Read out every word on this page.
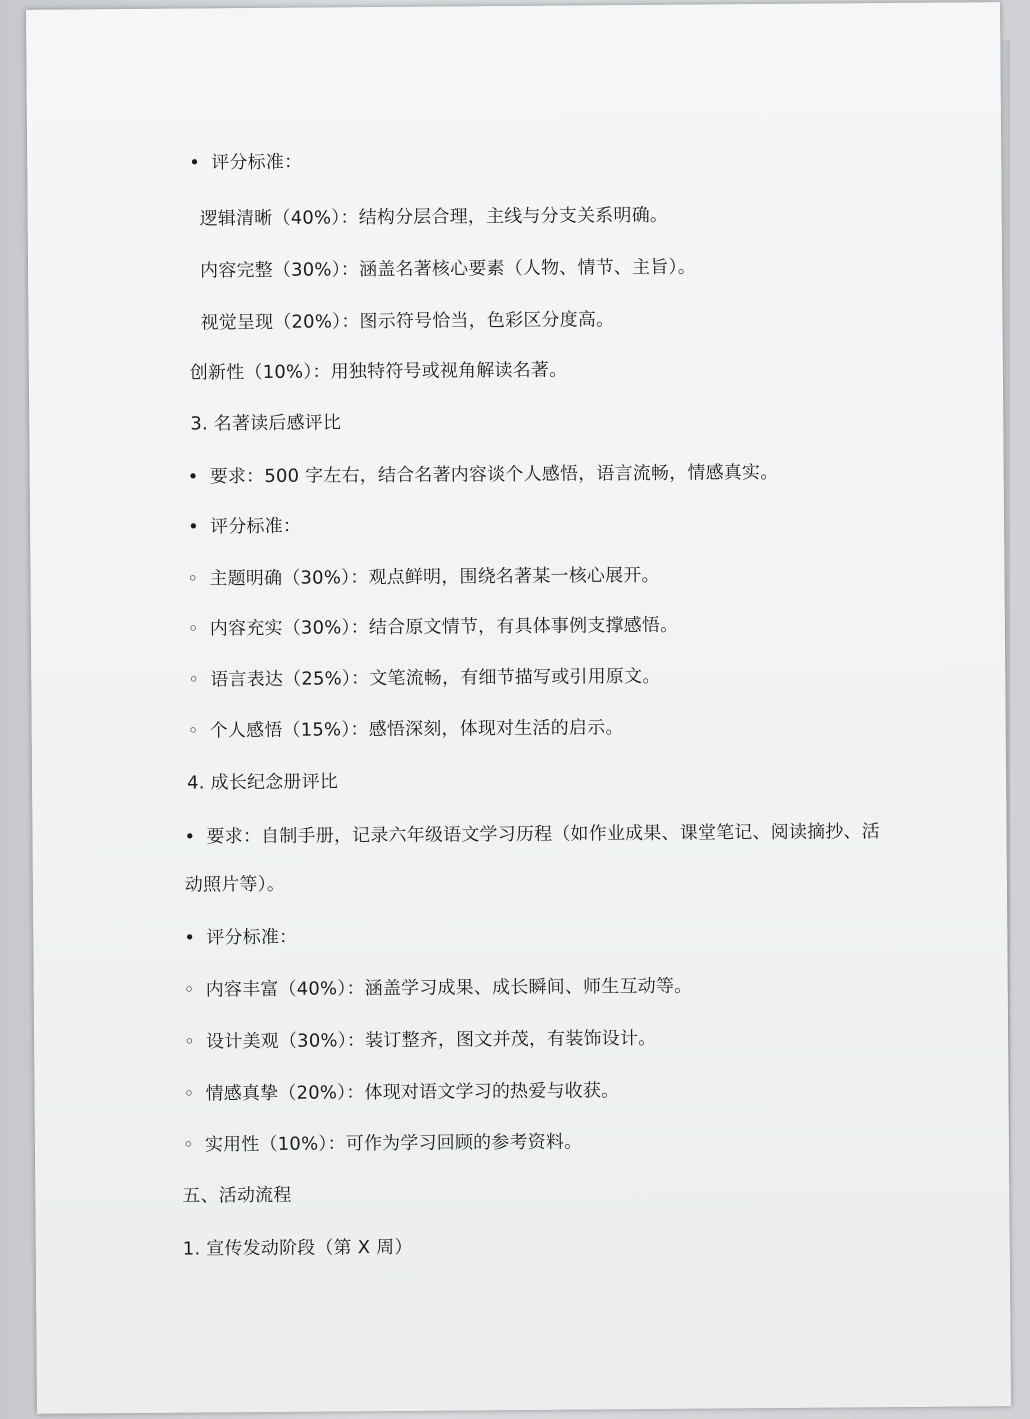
• 评分标准：
逻辑清晰（40%）：结构分层合理，主线与分支关系明确。
内容完整（30%）：涵盖名著核心要素（人物、情节、主旨）。
视觉呈现（20%）：图示符号恰当，色彩区分度高。
创新性（10%）：用独特符号或视角解读名著。
3. 名著读后感评比
• 要求：500 字左右，结合名著内容谈个人感悟，语言流畅，情感真实。
• 评分标准：
◦ 主题明确（30%）：观点鲜明，围绕名著某一核心展开。
◦ 内容充实（30%）：结合原文情节，有具体事例支撑感悟。
◦ 语言表达（25%）：文笔流畅，有细节描写或引用原文。
◦ 个人感悟（15%）：感悟深刻，体现对生活的启示。
4. 成长纪念册评比
• 要求：自制手册，记录六年级语文学习历程（如作业成果、课堂笔记、阅读摘抄、活
动照片等）。
• 评分标准：
◦ 内容丰富（40%）：涵盖学习成果、成长瞬间、师生互动等。
◦ 设计美观（30%）：装订整齐，图文并茂，有装饰设计。
◦ 情感真挚（20%）：体现对语文学习的热爱与收获。
◦ 实用性（10%）：可作为学习回顾的参考资料。
五、活动流程
1. 宣传发动阶段（第 X 周）
